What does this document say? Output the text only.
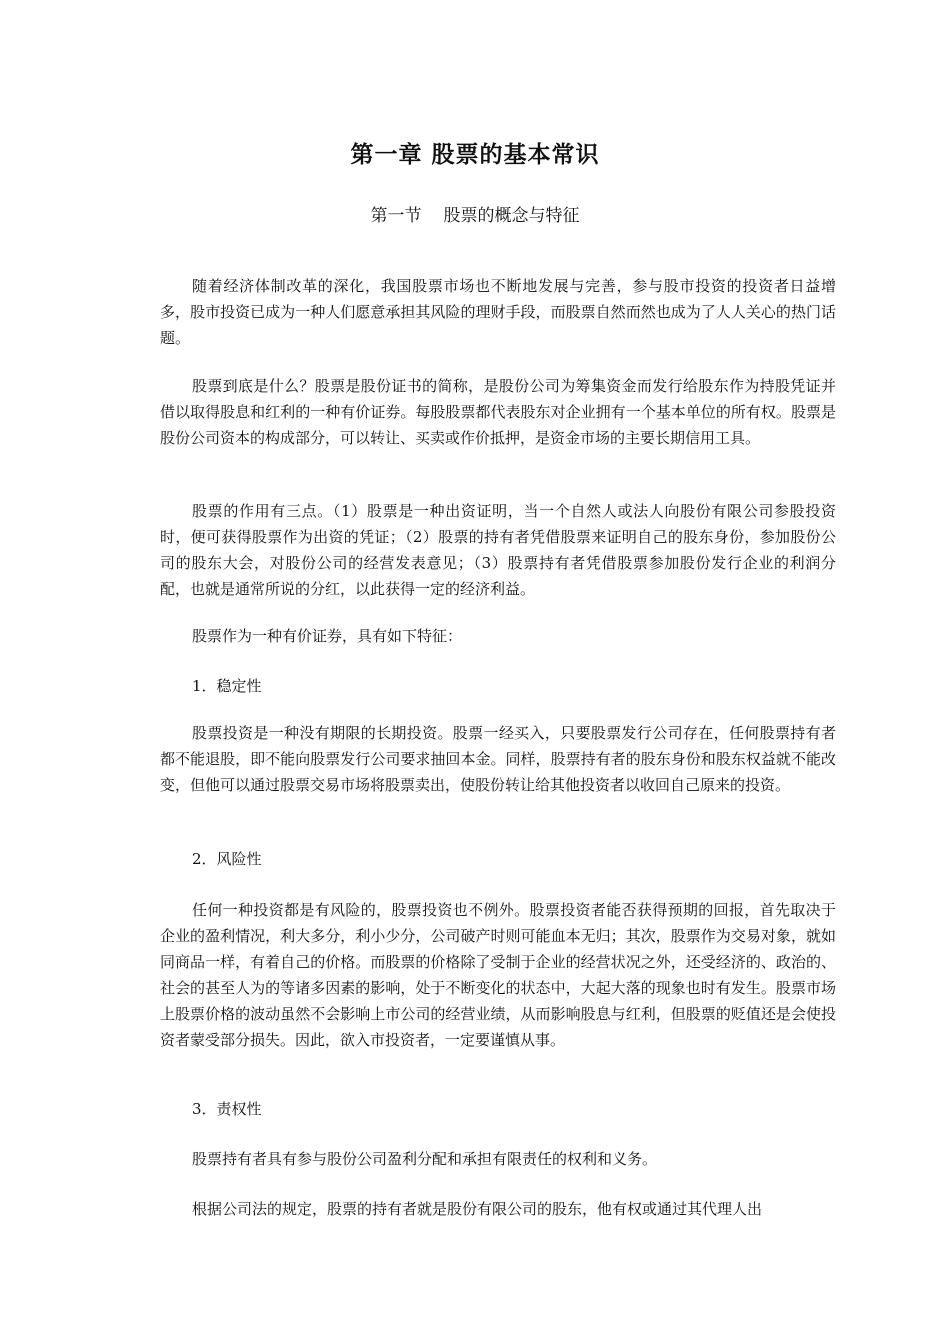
第一章 股票的基本常识
第一节 股票的概念与特征

随着经济体制改革的深化，我国股票市场也不断地发展与完善，参与股市投资的投资者日益增多，股市投资已成为一种人们愿意承担其风险的理财手段，而股票自然而然也成为了人人关心的热门话题。

股票到底是什么？股票是股份证书的简称，是股份公司为筹集资金而发行给股东作为持股凭证并借以取得股息和红利的一种有价证券。每股股票都代表股东对企业拥有一个基本单位的所有权。股票是股份公司资本的构成部分，可以转让、买卖或作价抵押，是资金市场的主要长期信用工具。

股票的作用有三点。（1）股票是一种出资证明，当一个自然人或法人向股份有限公司参股投资时，便可获得股票作为出资的凭证；（2）股票的持有者凭借股票来证明自己的股东身份，参加股份公司的股东大会，对股份公司的经营发表意见；（3）股票持有者凭借股票参加股份发行企业的利润分配，也就是通常所说的分红，以此获得一定的经济利益。

股票作为一种有价证券，具有如下特征：

1．稳定性

股票投资是一种没有期限的长期投资。股票一经买入，只要股票发行公司存在，任何股票持有者都不能退股，即不能向股票发行公司要求抽回本金。同样，股票持有者的股东身份和股东权益就不能改变，但他可以通过股票交易市场将股票卖出，使股份转让给其他投资者以收回自己原来的投资。

2．风险性

任何一种投资都是有风险的，股票投资也不例外。股票投资者能否获得预期的回报，首先取决于企业的盈利情况，利大多分，利小少分，公司破产时则可能血本无归；其次，股票作为交易对象，就如同商品一样，有着自己的价格。而股票的价格除了受制于企业的经营状况之外，还受经济的、政治的、社会的甚至人为的等诸多因素的影响，处于不断变化的状态中，大起大落的现象也时有发生。股票市场上股票价格的波动虽然不会影响上市公司的经营业绩，从而影响股息与红利，但股票的贬值还是会使投资者蒙受部分损失。因此，欲入市投资者，一定要谨慎从事。

3．责权性

股票持有者具有参与股份公司盈利分配和承担有限责任的权利和义务。

根据公司法的规定，股票的持有者就是股份有限公司的股东，他有权或通过其代理人出
